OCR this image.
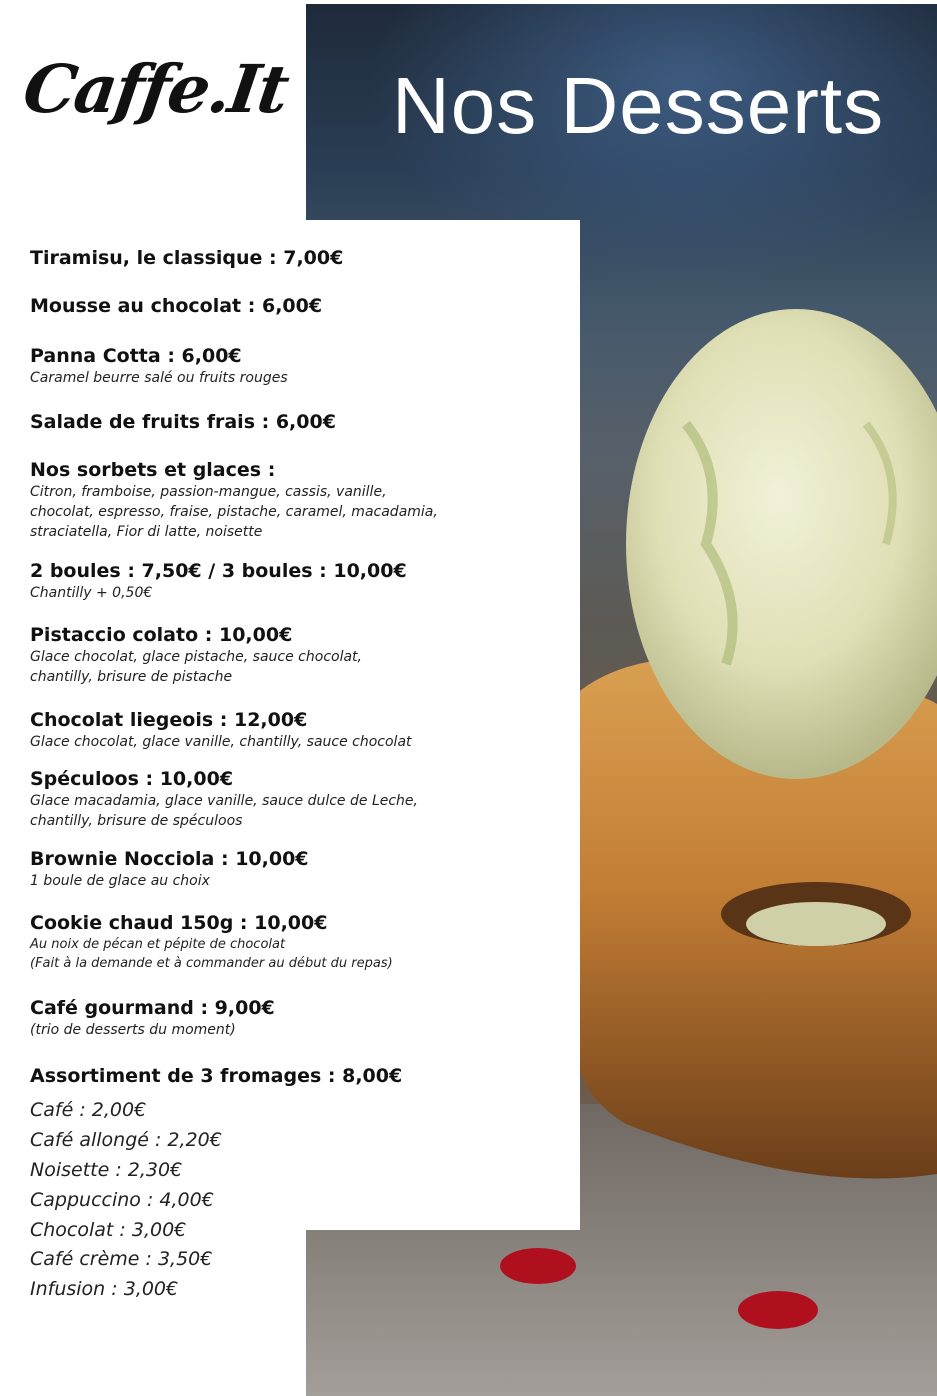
Caffe.It Nos Desserts
Tiramisu, le classique : 7,00€
Mousse au chocolat : 6,00€
Panna Cotta : 6,00€
Caramel beurre salé ou fruits rouges
Salade de fruits frais : 6,00€
Nos sorbets et glaces :
Citron, framboise, passion-mangue, cassis, vanille,
chocolat, espresso, fraise, pistache, caramel, macadamia,
straciatella, Fior di latte, noisette
2 boules : 7,50€ / 3 boules : 10,00€
Chantilly + 0,50€
Pistaccio colato : 10,00€
Glace chocolat, glace pistache, sauce chocolat,
chantilly, brisure de pistache
Chocolat liegeois : 12,00€
Glace chocolat, glace vanille, chantilly, sauce chocolat
Spéculoos : 10,00€
Glace macadamia, glace vanille, sauce dulce de Leche,
chantilly, brisure de spéculoos
Brownie Nocciola : 10,00€
1 boule de glace au choix
Cookie chaud 150g : 10,00€
Au noix de pécan et pépite de chocolat
(Fait à la demande et à commander au début du repas)
Café gourmand : 9,00€
(trio de desserts du moment)
Assortiment de 3 fromages : 8,00€
Café : 2,00€
Café allongé : 2,20€
Noisette : 2,30€
Cappuccino : 4,00€
Chocolat : 3,00€
Café crème : 3,50€
Infusion : 3,00€
